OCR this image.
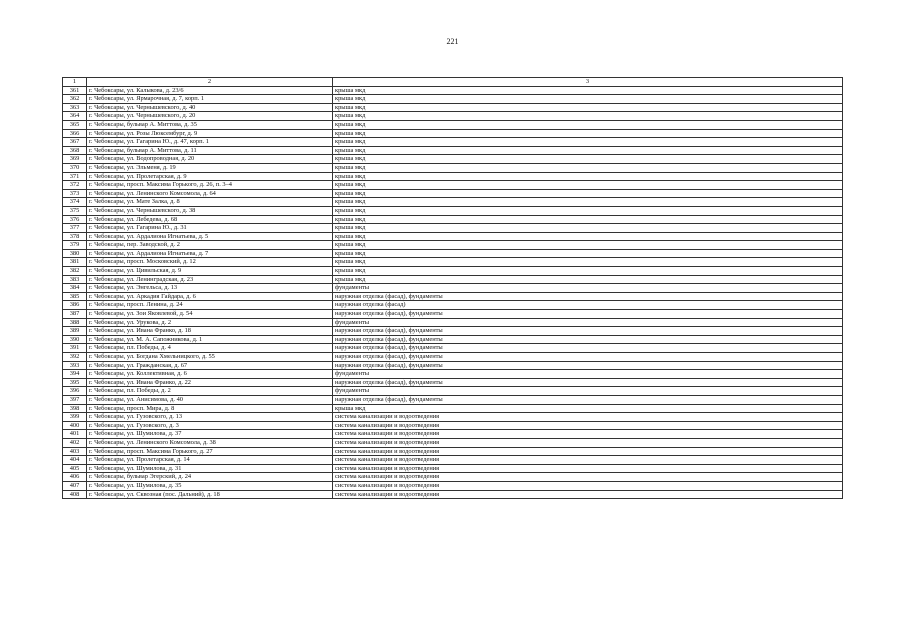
221
1	2	3
361	г. Чебоксары, ул. Калыкова, д. 23/6	крыша мкд
362	г. Чебоксары, ул. Ярмарочная, д. 7, корп. 1	крыша мкд
363	г. Чебоксары, ул. Чернышевского, д. 40	крыша мкд
364	г. Чебоксары, ул. Чернышевского, д. 20	крыша мкд
365	г. Чебоксары, бульвар А. Миттова, д. 35	крыша мкд
366	г. Чебоксары, ул. Розы Люксембург, д. 9	крыша мкд
367	г. Чебоксары, ул. Гагарина Ю., д. 47, корп. 1	крыша мкд
368	г. Чебоксары, бульвар А. Миттова, д. 11	крыша мкд
369	г. Чебоксары, ул. Водопроводная, д. 20	крыша мкд
370	г. Чебоксары, ул. Эльменя, д. 19	крыша мкд
371	г. Чебоксары, ул. Пролетарская, д. 9	крыша мкд
372	г. Чебоксары, просп. Максима Горького, д. 26, п. 3–4	крыша мкд
373	г. Чебоксары, ул. Ленинского Комсомола, д. 64	крыша мкд
374	г. Чебоксары, ул. Мате Залка, д. 8	крыша мкд
375	г. Чебоксары, ул. Чернышевского, д. 38	крыша мкд
376	г. Чебоксары, ул. Лебедева, д. 68	крыша мкд
377	г. Чебоксары, ул. Гагарина Ю., д. 31	крыша мкд
378	г. Чебоксары, ул. Ардалиона Игнатьева, д. 5	крыша мкд
379	г. Чебоксары, пер. Заводской, д. 2	крыша мкд
380	г. Чебоксары, ул. Ардалиона Игнатьева, д. 7	крыша мкд
381	г. Чебоксары, просп. Московский, д. 12	крыша мкд
382	г. Чебоксары, ул. Цивильская, д. 9	крыша мкд
383	г. Чебоксары, ул. Ленинградская, д. 23	крыша мкд
384	г. Чебоксары, ул. Энгельса, д. 13	фундаменты
385	г. Чебоксары, ул. Аркадия Гайдара, д. 6	наружная отделка (фасад), фундаменты
386	г. Чебоксары, просп. Ленина, д. 24	наружная отделка (фасад)
387	г. Чебоксары, ул. Зои Яковлевой, д. 54	наружная отделка (фасад), фундаменты
388	г. Чебоксары, ул. Урукова, д. 2	фундаменты
389	г. Чебоксары, ул. Ивана Франко, д. 18	наружная отделка (фасад), фундаменты
390	г. Чебоксары, ул. М. А. Сапожникова, д. 1	наружная отделка (фасад), фундаменты
391	г. Чебоксары, пл. Победы, д. 4	наружная отделка (фасад), фундаменты
392	г. Чебоксары, ул. Богдана Хмельницкого, д. 55	наружная отделка (фасад), фундаменты
393	г. Чебоксары, ул. Гражданская, д. 67	наружная отделка (фасад), фундаменты
394	г. Чебоксары, ул. Коллективная, д. 6	фундаменты
395	г. Чебоксары, ул. Ивана Франко, д. 22	наружная отделка (фасад), фундаменты
396	г. Чебоксары, пл. Победы, д. 2	фундаменты
397	г. Чебоксары, ул. Анисимова, д. 40	наружная отделка (фасад), фундаменты
398	г. Чебоксары, просп. Мира, д. 8	крыша мкд
399	г. Чебоксары, ул. Гузовского, д. 13	система канализации и водоотведения
400	г. Чебоксары, ул. Гузовского, д. 3	система канализации и водоотведения
401	г. Чебоксары, ул. Шумилова, д. 37	система канализации и водоотведения
402	г. Чебоксары, ул. Ленинского Комсомола, д. 38	система канализации и водоотведения
403	г. Чебоксары, просп. Максима Горького, д. 27	система канализации и водоотведения
404	г. Чебоксары, ул. Пролетарская, д. 14	система канализации и водоотведения
405	г. Чебоксары, ул. Шумилова, д. 31	система канализации и водоотведения
406	г. Чебоксары, бульвар Эгерский, д. 24	система канализации и водоотведения
407	г. Чебоксары, ул. Шумилова, д. 35	система канализации и водоотведения
408	г. Чебоксары, ул. Сквозная (пос. Дальний), д. 18	система канализации и водоотведения
